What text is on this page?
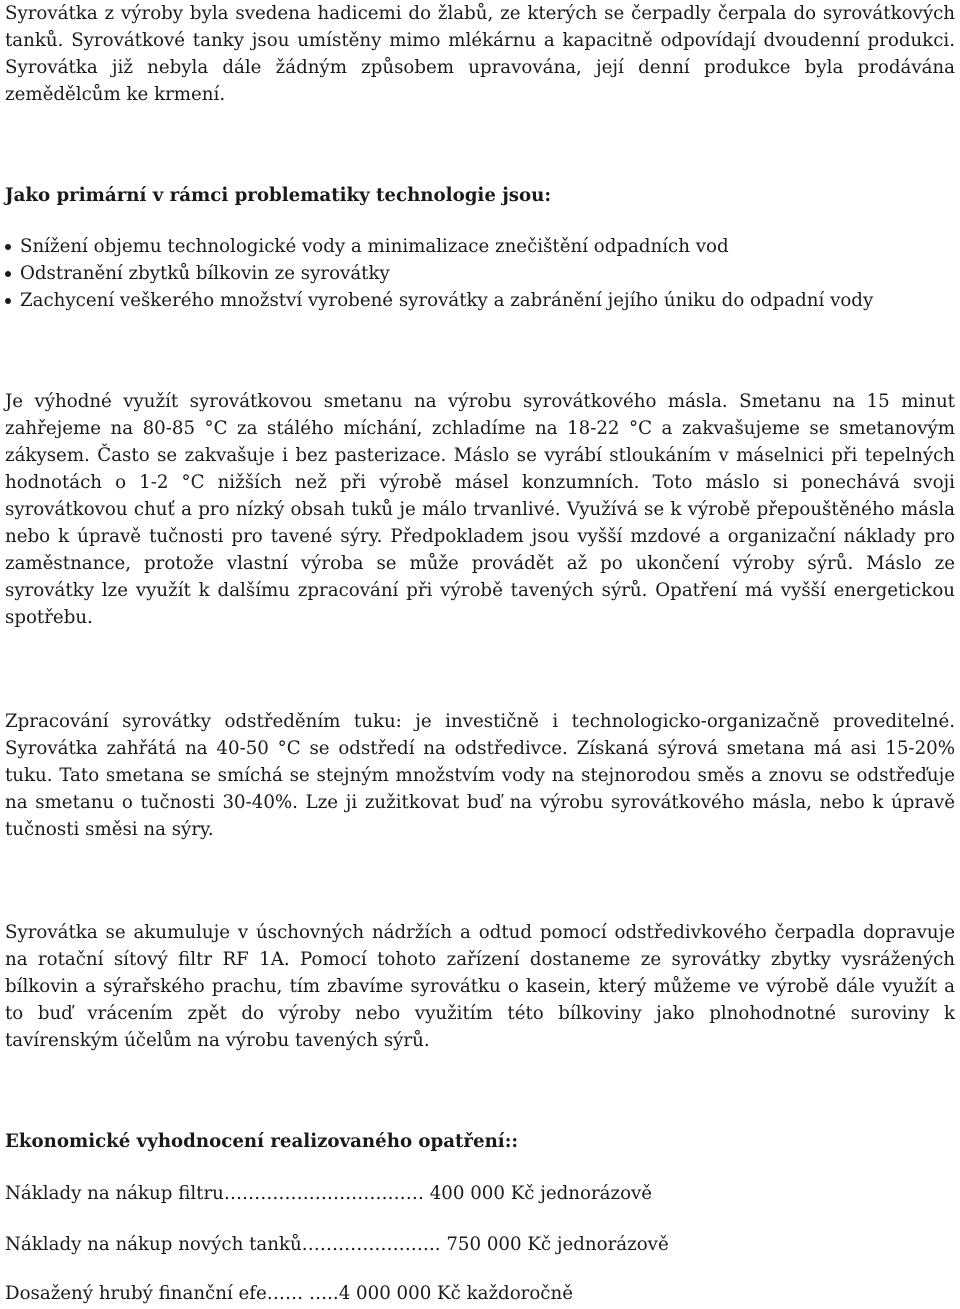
Syrovátka z výroby byla svedena hadicemi do žlabů, ze kterých se čerpadly čerpala do syrovátkových tanků. Syrovátkové tanky jsou umístěny mimo mlékárnu a kapacitně odpovídají dvoudenní produkci. Syrovátka již nebyla dále žádným způsobem upravována, její denní produkce byla prodávána zemědělcům ke krmení.
Jako primární v rámci problematiky technologie jsou:
Snížení objemu technologické vody a minimalizace znečištění odpadních vod
Odstranění zbytků bílkovin ze syrovátky
Zachycení veškerého množství vyrobené syrovátky a zabránění jejího úniku do odpadní vody
Je výhodné využít syrovátkovou smetanu na výrobu syrovátkového másla. Smetanu na 15 minut zahřejeme na 80-85 °C za stálého míchání, zchladíme na 18-22 °C a zakvašujeme se smetanovým zákysem. Často se zakvašuje i bez pasterizace. Máslo se vyrábí stloukáním v máselnici při tepelných hodnotách o 1-2 °C nižších než při výrobě másel konzumních. Toto máslo si ponechává svoji syrovátkovou chuť a pro nízký obsah tuků je málo trvanlivé. Využívá se k výrobě přepouštěného másla nebo k úpravě tučnosti pro tavené sýry. Předpokladem jsou vyšší mzdové a organizační náklady pro zaměstnance, protože vlastní výroba se může provádět až po ukončení výroby sýrů. Máslo ze syrovátky lze využít k dalšímu zpracování při výrobě tavených sýrů. Opatření má vyšší energetickou spotřebu.
Zpracování syrovátky odstředěním tuku: je investičně i technologicko-organizačně proveditelné. Syrovátka zahřátá na 40-50 °C se odstředí na odstředivce. Získaná sýrová smetana má asi 15-20% tuku. Tato smetana se smíchá se stejným množstvím vody na stejnorodou směs a znovu se odstřeďuje na smetanu o tučnosti 30-40%. Lze ji zužitkovat buď na výrobu syrovátkového másla, nebo k úpravě tučnosti směsi na sýry.
Syrovátka se akumuluje v úschovných nádržích a odtud pomocí odstředivkového čerpadla dopravuje na rotační sítový filtr RF 1A. Pomocí tohoto zařízení dostaneme ze syrovátky zbytky vysrážených bílkovin a sýrařského prachu, tím zbavíme syrovátku o kasein, který můžeme ve výrobě dále využít a to buď vrácením zpět do výroby nebo využitím této bílkoviny jako plnohodnotné suroviny k tavírenským účelům na výrobu tavených sýrů.
Ekonomické vyhodnocení realizovaného opatření::
Náklady na nákup filtru…………………………… 400 000 Kč jednorázově
Náklady na nákup nových tanků………………….. 750 000 Kč jednorázově
Dosažený hrubý finanční efe…… …..4 000 000 Kč každoročně
